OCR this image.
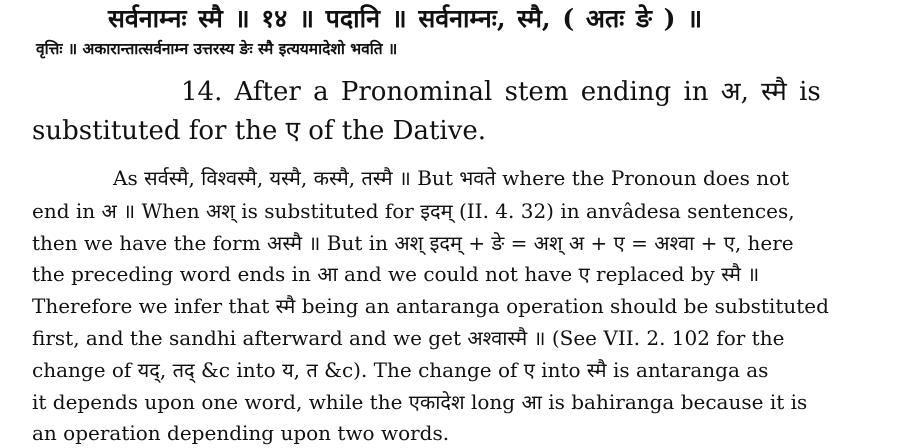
सर्वनाम्नः स्मै ॥ १४ ॥ पदानि ॥ सर्वनाम्नः, स्मै, ( अतः ङे ) ॥
वृत्तिः ॥ अकारान्तात्सर्वनाम्न उत्तरस्य ङेः स्मै इत्ययमादेशो भवति ॥
14. After a Pronominal stem ending in अ, स्मै is
substituted for the ए of the Dative.
As सर्वस्मै, विश्वस्मै, यस्मै, कस्मै, तस्मै ॥ But भवते where the Pronoun does not
end in अ ॥ When अश् is substituted for इदम् (II. 4. 32) in anvâdesa sentences,
then we have the form अस्मै ॥ But in अश् इदम् + ङे = अश् अ + ए = अश्वा + ए, here
the preceding word ends in आ and we could not have ए replaced by स्मै ॥
Therefore we infer that स्मै being an antaranga operation should be substituted
first, and the sandhi afterward and we get अश्वास्मै ॥ (See VII. 2. 102 for the
change of यद्, तद् &c into य, त &c). The change of ए into स्मै is antaranga as
it depends upon one word, while the एकादेश long आ is bahiranga because it is
an operation depending upon two words.
